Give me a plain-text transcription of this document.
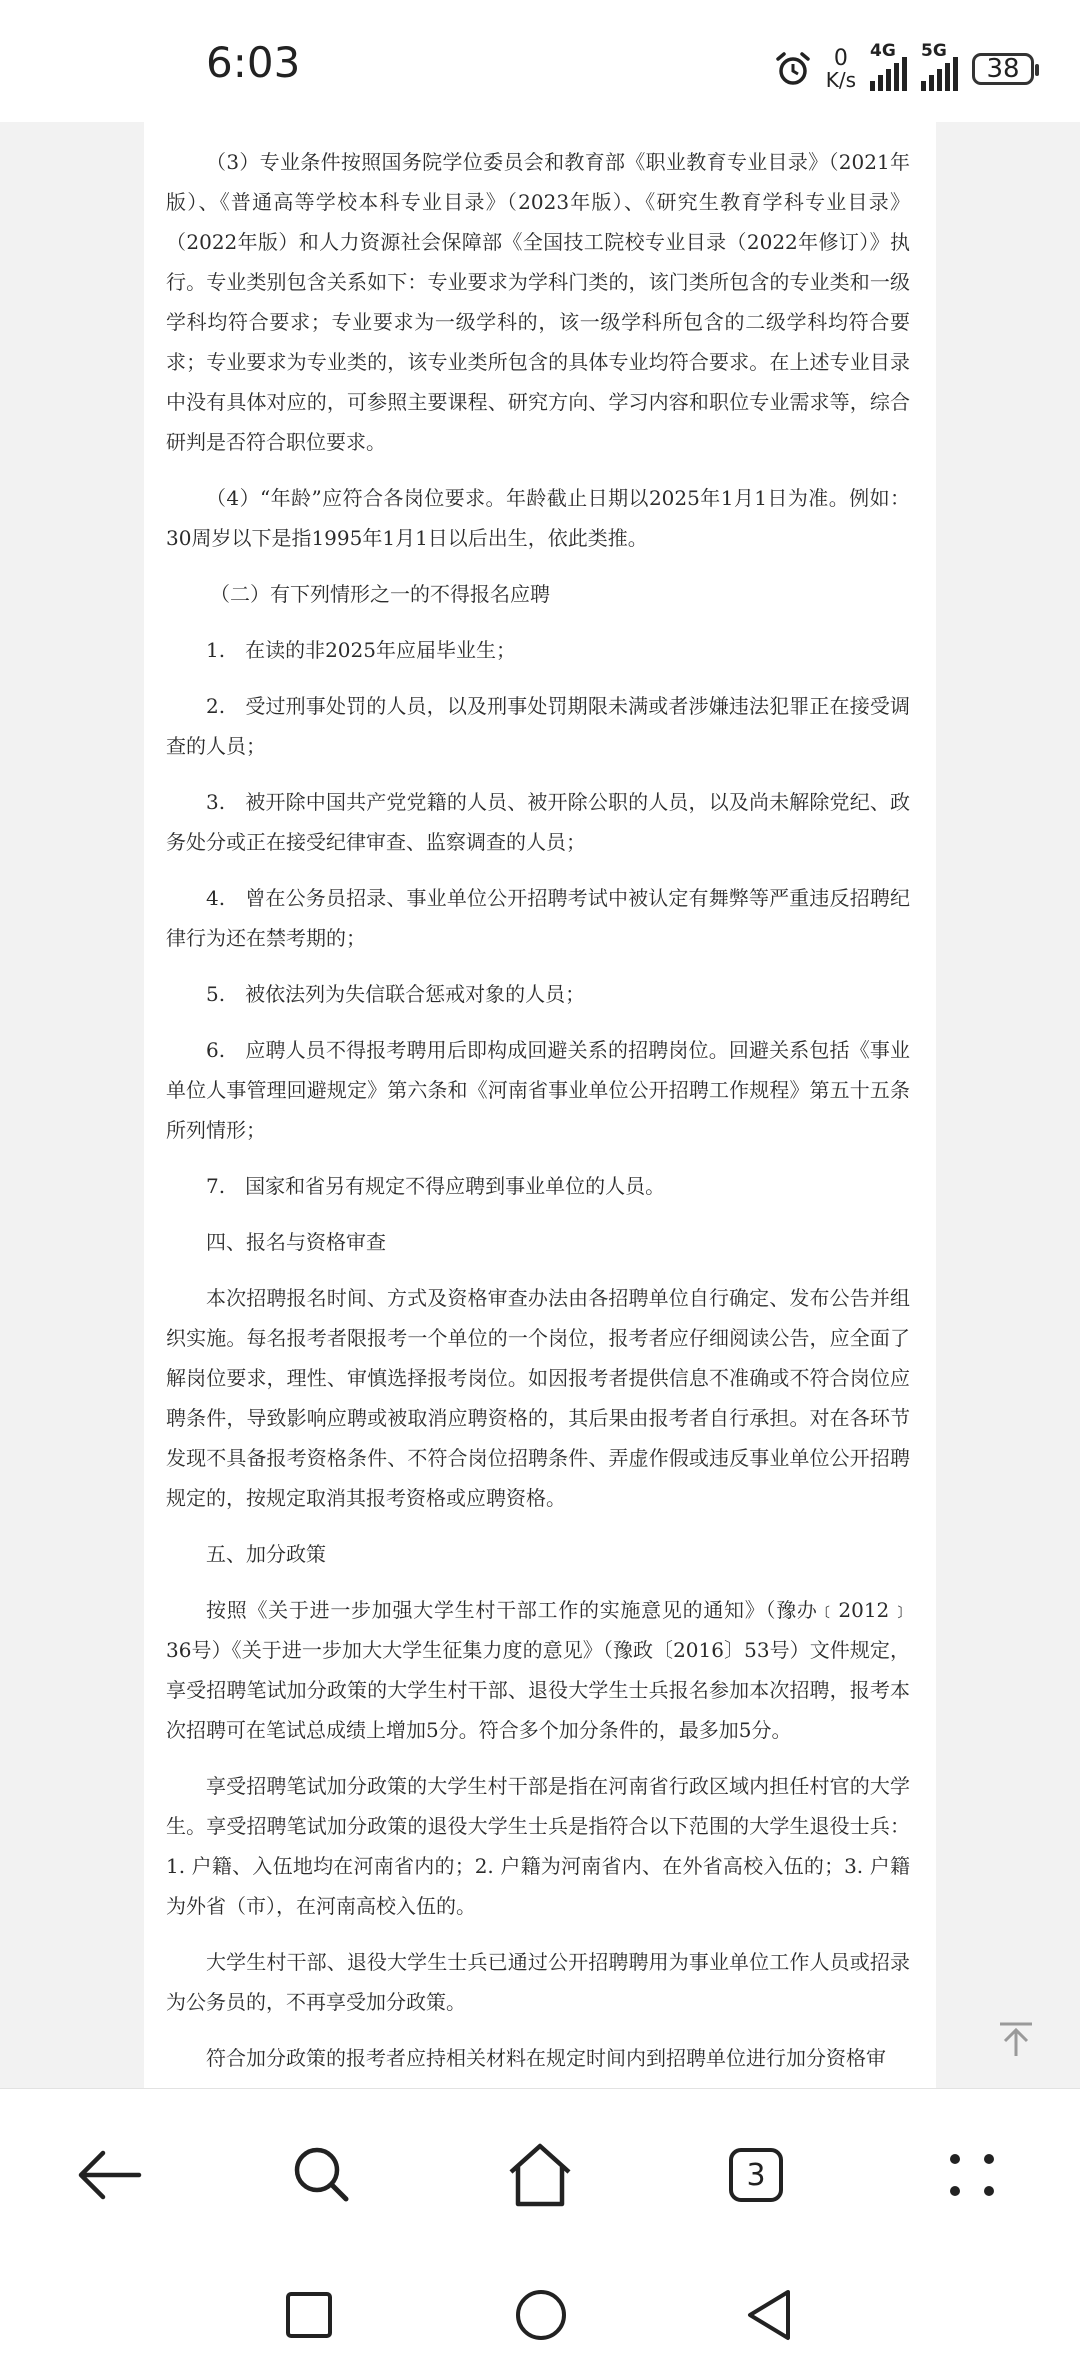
6:03	0
K/s
4G 5G
38

（3）专业条件按照国务院学位委员会和教育部《职业教育专业目录》（2021年版）、《普通高等学校本科专业目录》（2023年版）、《研究生教育学科专业目录》（2022年版）和人力资源社会保障部《全国技工院校专业目录（2022年修订）》执行。专业类别包含关系如下：专业要求为学科门类的，该门类所包含的专业类和一级学科均符合要求；专业要求为一级学科的，该一级学科所包含的二级学科均符合要求；专业要求为专业类的，该专业类所包含的具体专业均符合要求。在上述专业目录中没有具体对应的，可参照主要课程、研究方向、学习内容和职位专业需求等，综合研判是否符合职位要求。

（4）“年龄”应符合各岗位要求。年龄截止日期以2025年1月1日为准。例如：30周岁以下是指1995年1月1日以后出生，依此类推。

（二）有下列情形之一的不得报名应聘

1.　在读的非2025年应届毕业生；

2.　受过刑事处罚的人员，以及刑事处罚期限未满或者涉嫌违法犯罪正在接受调查的人员；

3.　被开除中国共产党党籍的人员、被开除公职的人员，以及尚未解除党纪、政务处分或正在接受纪律审查、监察调查的人员；

4.　曾在公务员招录、事业单位公开招聘考试中被认定有舞弊等严重违反招聘纪律行为还在禁考期的；

5.　被依法列为失信联合惩戒对象的人员；

6.　应聘人员不得报考聘用后即构成回避关系的招聘岗位。回避关系包括《事业单位人事管理回避规定》第六条和《河南省事业单位公开招聘工作规程》第五十五条所列情形；

7.　国家和省另有规定不得应聘到事业单位的人员。

四、报名与资格审查

本次招聘报名时间、方式及资格审查办法由各招聘单位自行确定、发布公告并组织实施。每名报考者限报考一个单位的一个岗位，报考者应仔细阅读公告，应全面了解岗位要求，理性、审慎选择报考岗位。如因报考者提供信息不准确或不符合岗位应聘条件，导致影响应聘或被取消应聘资格的，其后果由报考者自行承担。对在各环节发现不具备报考资格条件、不符合岗位招聘条件、弄虚作假或违反事业单位公开招聘规定的，按规定取消其报考资格或应聘资格。

五、加分政策

按照《关于进一步加强大学生村干部工作的实施意见的通知》（豫办﹝2012﹞36号）《关于进一步加大大学生征集力度的意见》（豫政〔2016〕53号）文件规定，享受招聘笔试加分政策的大学生村干部、退役大学生士兵报名参加本次招聘，报考本次招聘可在笔试总成绩上增加5分。符合多个加分条件的，最多加5分。

享受招聘笔试加分政策的大学生村干部是指在河南省行政区域内担任村官的大学生。享受招聘笔试加分政策的退役大学生士兵是指符合以下范围的大学生退役士兵：1. 户籍、入伍地均在河南省内的；2. 户籍为河南省内、在外省高校入伍的；3. 户籍为外省（市），在河南高校入伍的。

大学生村干部、退役大学生士兵已通过公开招聘聘用为事业单位工作人员或招录为公务员的，不再享受加分政策。

符合加分政策的报考者应持相关材料在规定时间内到招聘单位进行加分资格审

3
